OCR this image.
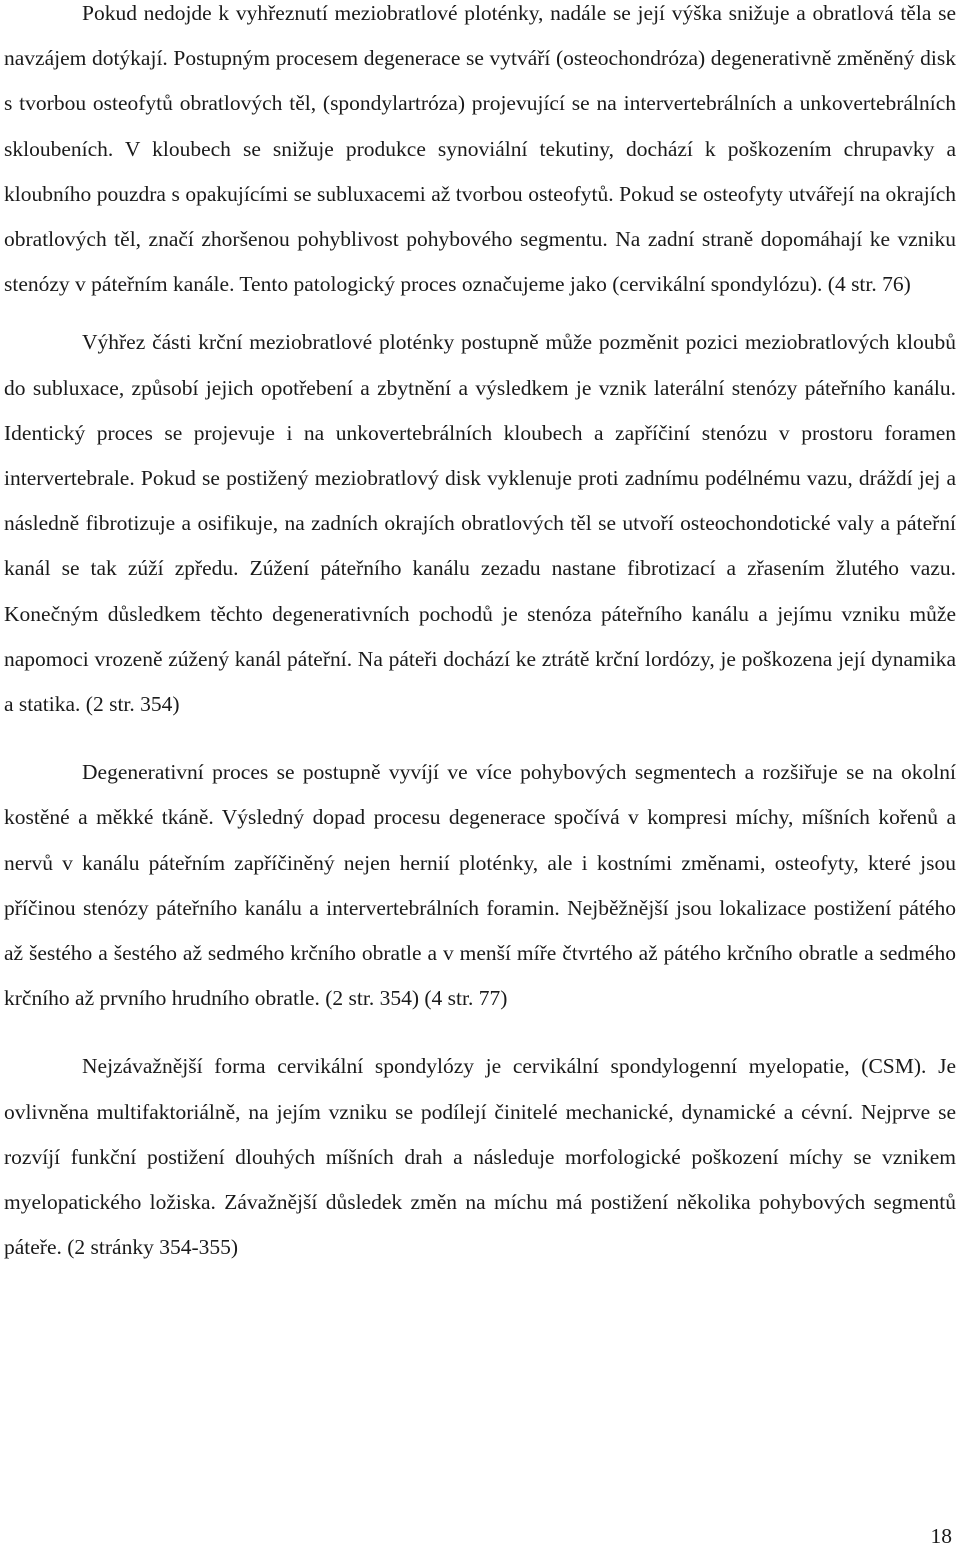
Pokud nedojde k vyhřeznutí meziobratlové ploténky, nadále se její výška snižuje a obratlová těla se navzájem dotýkají. Postupným procesem degenerace se vytváří (osteochondróza) degenerativně změněný disk s tvorbou osteofytů obratlových těl, (spondylartróza) projevující se na intervertebrálních a unkovertebrálních skloubeních. V kloubech se snižuje produkce synoviální tekutiny, dochází k poškozením chrupavky a kloubního pouzdra s opakujícími se subluxacemi až tvorbou osteofytů. Pokud se osteofyty utvářejí na okrajích obratlových těl, značí zhoršenou pohyblivost pohybového segmentu. Na zadní straně dopomáhají ke vzniku stenózy v páteřním kanále. Tento patologický proces označujeme jako (cervikální spondylózu). (4 str. 76)

Výhřez části krční meziobratlové ploténky postupně může pozměnit pozici meziobratlových kloubů do subluxace, způsobí jejich opotřebení a zbytnění a výsledkem je vznik laterální stenózy páteřního kanálu. Identický proces se projevuje i na unkovertebrálních kloubech a zapříčiní stenózu v prostoru foramen intervertebrale. Pokud se postižený meziobratlový disk vyklenuje proti zadnímu podélnému vazu, dráždí jej a následně fibrotizuje a osifikuje, na zadních okrajích obratlových těl se utvoří osteochondotické valy a páteřní kanál se tak zúží zpředu. Zúžení páteřního kanálu zezadu nastane fibrotizací a zřasením žlutého vazu. Konečným důsledkem těchto degenerativních pochodů je stenóza páteřního kanálu a jejímu vzniku může napomoci vrozeně zúžený kanál páteřní. Na páteři dochází ke ztrátě krční lordózy, je poškozena její dynamika a statika. (2 str. 354)

Degenerativní proces se postupně vyvíjí ve více pohybových segmentech a rozšiřuje se na okolní kostěné a měkké tkáně. Výsledný dopad procesu degenerace spočívá v kompresi míchy, míšních kořenů a nervů v kanálu páteřním zapříčiněný nejen hernií ploténky, ale i kostními změnami, osteofyty, které jsou příčinou stenózy páteřního kanálu a intervertebrálních foramin. Nejběžnější jsou lokalizace postižení pátého až šestého a šestého až sedmého krčního obratle a v menší míře čtvrtého až pátého krčního obratle a sedmého krčního až prvního hrudního obratle. (2 str. 354) (4 str. 77)

Nejzávažnější forma cervikální spondylózy je cervikální spondylogenní myelopatie, (CSM). Je ovlivněna multifaktoriálně, na jejím vzniku se podílejí činitelé mechanické, dynamické a cévní. Nejprve se rozvíjí funkční postižení dlouhých míšních drah a následuje morfologické poškození míchy se vznikem myelopatického ložiska. Závažnější důsledek změn na míchu má postižení několika pohybových segmentů páteře. (2 stránky 354-355)

18
